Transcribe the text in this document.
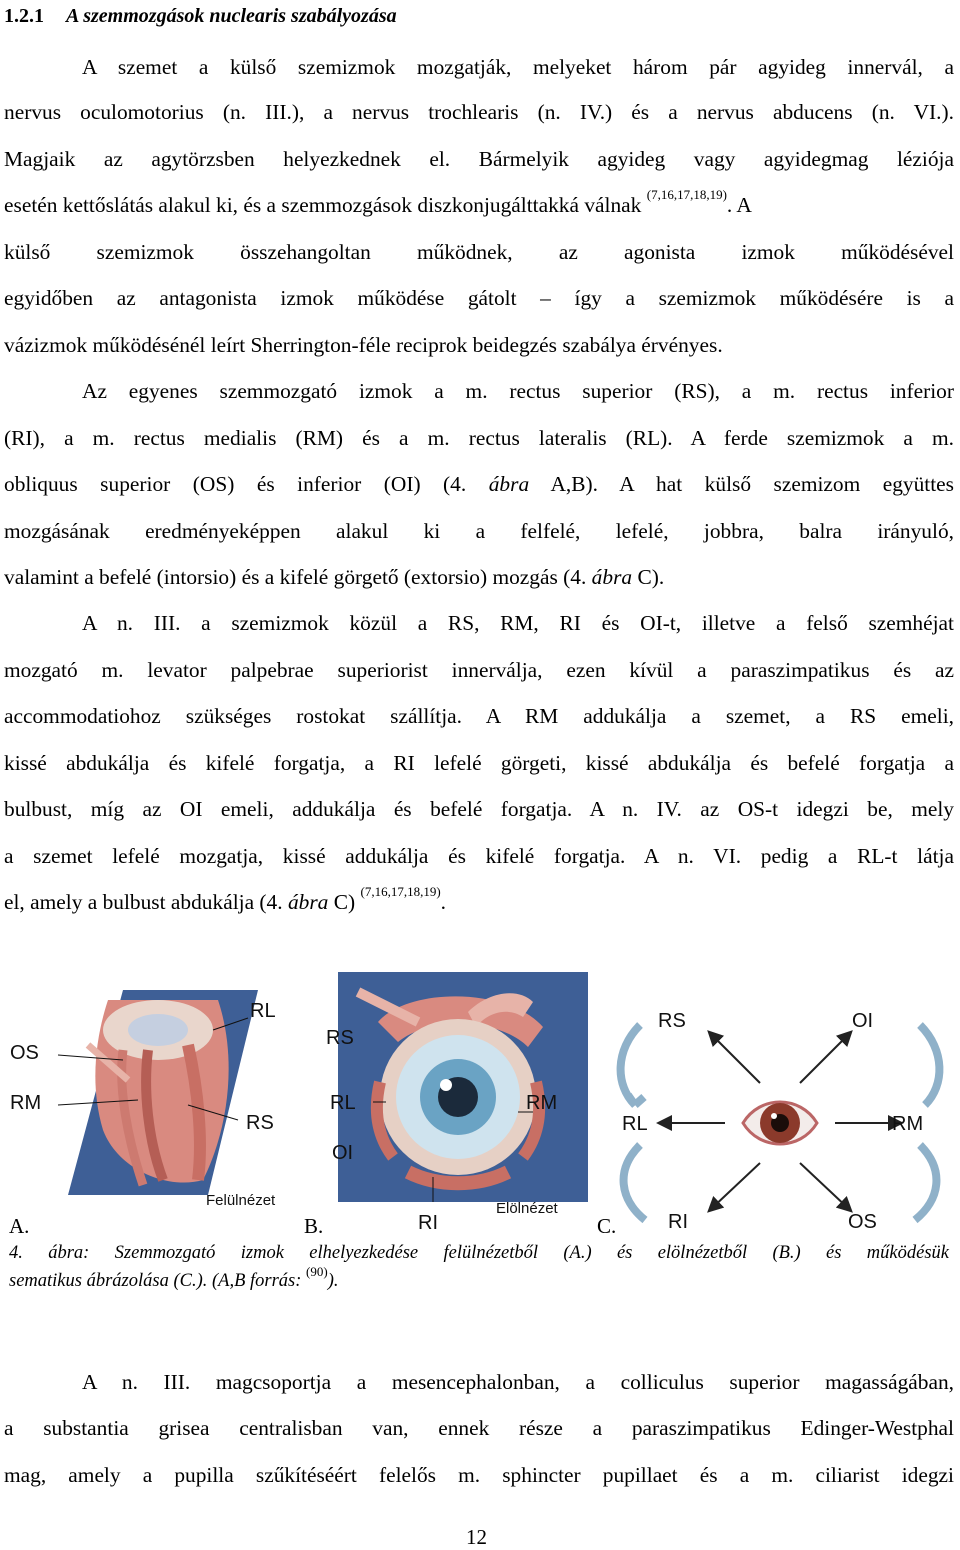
1.2.1 A szemmozgások nuclearis szabályozása
A szemet a külső szemizmok mozgatják, melyeket három pár agyideg innervál, a
nervus oculomotorius (n. III.), a nervus trochlearis (n. IV.) és a nervus abducens (n. VI.).
Magjaik az agytörzsben helyezkednek el. Bármelyik agyideg vagy agyidegmag léziója
esetén kettőslátás alakul ki, és a szemmozgások diszkonjugálttakká válnak $^{(7,16,17,18,19)}$. A
külső szemizmok összehangoltan működnek, az agonista izmok működésével
egyidőben az antagonista izmok működése gátolt – így a szemizmok működésére is a
vázizmok működésénél leírt Sherrington-féle reciprok beidegzés szabálya érvényes.
Az egyenes szemmozgató izmok a m. rectus superior (RS), a m. rectus inferior
(RI), a m. rectus medialis (RM) és a m. rectus lateralis (RL). A ferde szemizmok a m.
obliquus superior (OS) és inferior (OI) (4. ábra A,B). A hat külső szemizom együttes
mozgásának eredményeképpen alakul ki a felfelé, lefelé, jobbra, balra irányuló,
valamint a befelé (intorsio) és a kifelé görgető (extorsio) mozgás (4. ábra C).
A n. III. a szemizmok közül a RS, RM, RI és OI-t, illetve a felső szemhéjat
mozgató m. levator palpebrae superiorist innerválja, ezen kívül a paraszimpatikus és az
accommodatiohoz szükséges rostokat szállítja. A RM addukálja a szemet, a RS emeli,
kissé abdukálja és kifelé forgatja, a RI lefelé görgeti, kissé abdukálja és befelé forgatja a
bulbust, míg az OI emeli, addukálja és befelé forgatja. A n. IV. az OS-t idegzi be, mely
a szemet lefelé mozgatja, kissé addukálja és kifelé forgatja. A n. VI. pedig a RL-t látja
el, amely a bulbust abdukálja (4. ábra C) $^{(7,16,17,18,19)}$.
RL
OS
RM
RS
Felülnézet
RS
RL	RM
OI
RI
Elölnézet
RS	OI
RL	RM
RI	OS
A.	B.	C.
4. ábra: Szemmozgató izmok elhelyezkedése felülnézetből (A.) és elölnézetből (B.) és működésük
sematikus ábrázolása (C.). (A,B forrás: $^{(90)}$).
A n. III. magcsoportja a mesencephalonban, a colliculus superior magasságában,
a substantia grisea centralisban van, ennek része a paraszimpatikus Edinger-Westphal
mag, amely a pupilla szűkítéséért felelős m. sphincter pupillaet és a m. ciliarist idegzi
12
